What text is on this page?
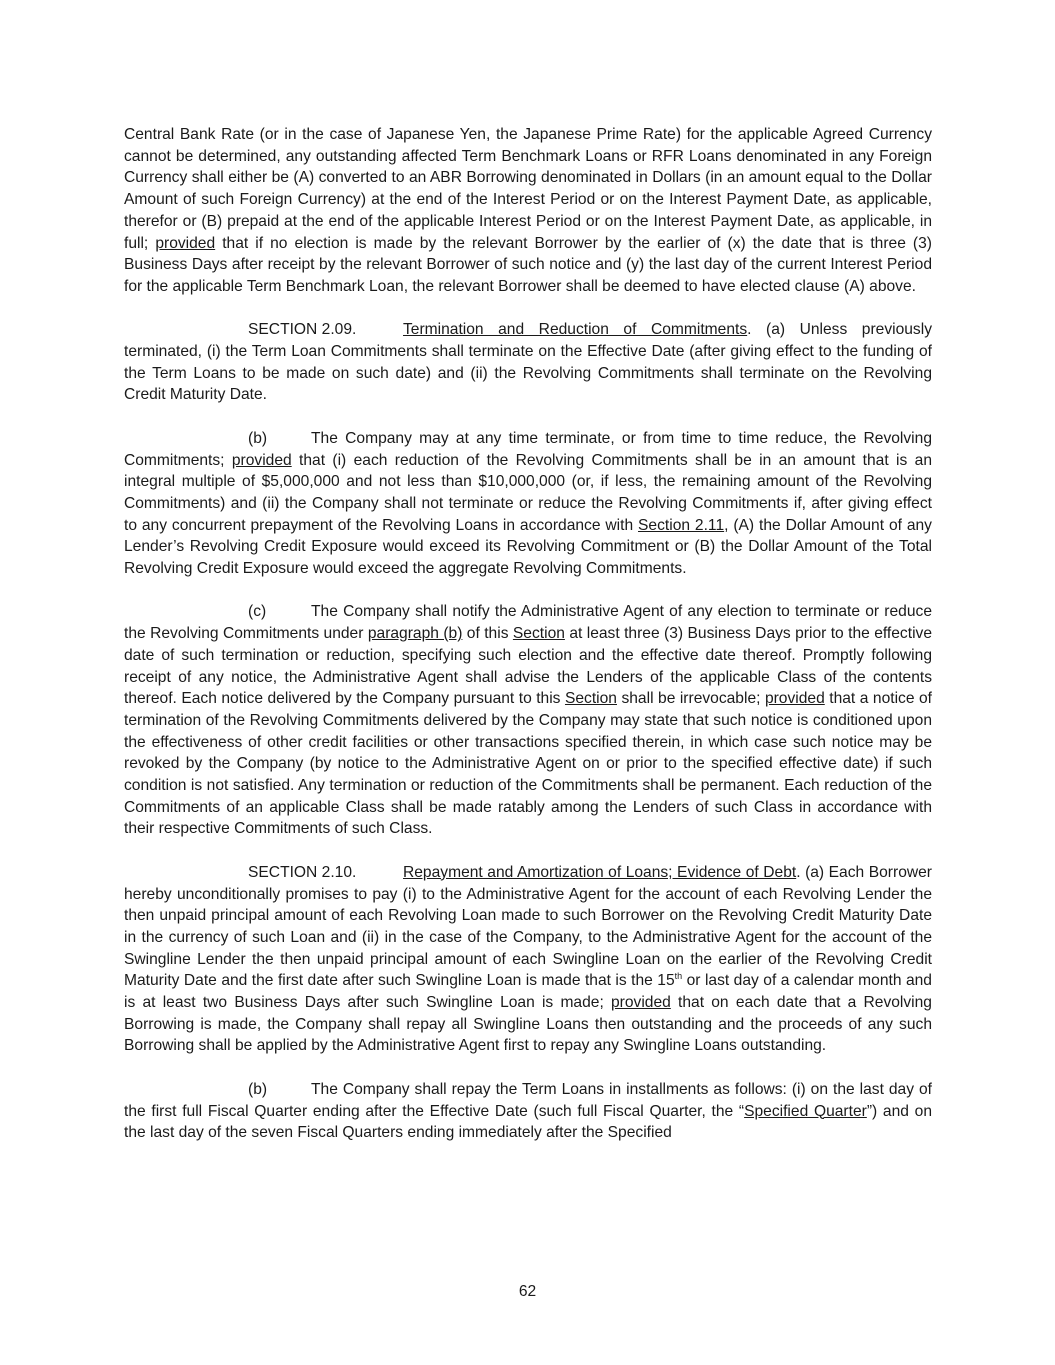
Central Bank Rate (or in the case of Japanese Yen, the Japanese Prime Rate) for the applicable Agreed Currency cannot be determined, any outstanding affected Term Benchmark Loans or RFR Loans denominated in any Foreign Currency shall either be (A) converted to an ABR Borrowing denominated in Dollars (in an amount equal to the Dollar Amount of such Foreign Currency) at the end of the Interest Period or on the Interest Payment Date, as applicable, therefor or (B) prepaid at the end of the applicable Interest Period or on the Interest Payment Date, as applicable, in full; provided that if no election is made by the relevant Borrower by the earlier of (x) the date that is three (3) Business Days after receipt by the relevant Borrower of such notice and (y) the last day of the current Interest Period for the applicable Term Benchmark Loan, the relevant Borrower shall be deemed to have elected clause (A) above.

SECTION 2.09.	Termination and Reduction of Commitments. (a) Unless previously terminated, (i) the Term Loan Commitments shall terminate on the Effective Date (after giving effect to the funding of the Term Loans to be made on such date) and (ii) the Revolving Commitments shall terminate on the Revolving Credit Maturity Date.

(b)	The Company may at any time terminate, or from time to time reduce, the Revolving Commitments; provided that (i) each reduction of the Revolving Commitments shall be in an amount that is an integral multiple of $5,000,000 and not less than $10,000,000 (or, if less, the remaining amount of the Revolving Commitments) and (ii) the Company shall not terminate or reduce the Revolving Commitments if, after giving effect to any concurrent prepayment of the Revolving Loans in accordance with Section 2.11, (A) the Dollar Amount of any Lender’s Revolving Credit Exposure would exceed its Revolving Commitment or (B) the Dollar Amount of the Total Revolving Credit Exposure would exceed the aggregate Revolving Commitments.

(c)	The Company shall notify the Administrative Agent of any election to terminate or reduce the Revolving Commitments under paragraph (b) of this Section at least three (3) Business Days prior to the effective date of such termination or reduction, specifying such election and the effective date thereof. Promptly following receipt of any notice, the Administrative Agent shall advise the Lenders of the applicable Class of the contents thereof. Each notice delivered by the Company pursuant to this Section shall be irrevocable; provided that a notice of termination of the Revolving Commitments delivered by the Company may state that such notice is conditioned upon the effectiveness of other credit facilities or other transactions specified therein, in which case such notice may be revoked by the Company (by notice to the Administrative Agent on or prior to the specified effective date) if such condition is not satisfied. Any termination or reduction of the Commitments shall be permanent. Each reduction of the Commitments of an applicable Class shall be made ratably among the Lenders of such Class in accordance with their respective Commitments of such Class.

SECTION 2.10.	Repayment and Amortization of Loans; Evidence of Debt. (a) Each Borrower hereby unconditionally promises to pay (i) to the Administrative Agent for the account of each Revolving Lender the then unpaid principal amount of each Revolving Loan made to such Borrower on the Revolving Credit Maturity Date in the currency of such Loan and (ii) in the case of the Company, to the Administrative Agent for the account of the Swingline Lender the then unpaid principal amount of each Swingline Loan on the earlier of the Revolving Credit Maturity Date and the first date after such Swingline Loan is made that is the 15th or last day of a calendar month and is at least two Business Days after such Swingline Loan is made; provided that on each date that a Revolving Borrowing is made, the Company shall repay all Swingline Loans then outstanding and the proceeds of any such Borrowing shall be applied by the Administrative Agent first to repay any Swingline Loans outstanding.

(b)	The Company shall repay the Term Loans in installments as follows: (i) on the last day of the first full Fiscal Quarter ending after the Effective Date (such full Fiscal Quarter, the “Specified Quarter”) and on the last day of the seven Fiscal Quarters ending immediately after the Specified

62
